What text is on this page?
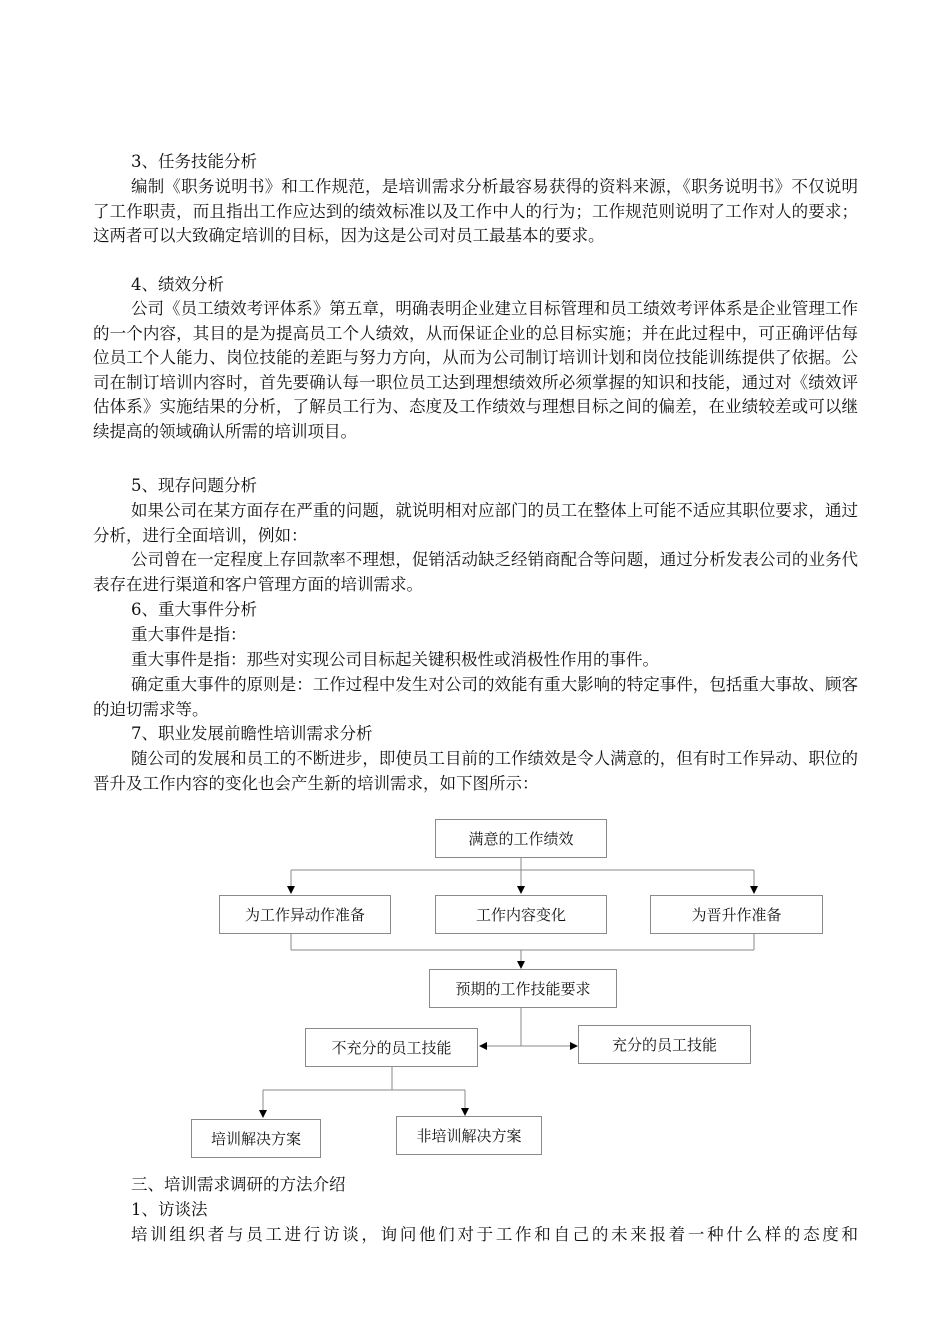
3、任务技能分析

编制《职务说明书》和工作规范，是培训需求分析最容易获得的资料来源，《职务说明书》不仅说明了工作职责，而且指出工作应达到的绩效标准以及工作中人的行为；工作规范则说明了工作对人的要求；这两者可以大致确定培训的目标，因为这是公司对员工最基本的要求。

4、绩效分析

公司《员工绩效考评体系》第五章，明确表明企业建立目标管理和员工绩效考评体系是企业管理工作的一个内容，其目的是为提高员工个人绩效，从而保证企业的总目标实施；并在此过程中，可正确评估每位员工个人能力、岗位技能的差距与努力方向，从而为公司制订培训计划和岗位技能训练提供了依据。公司在制订培训内容时，首先要确认每一职位员工达到理想绩效所必须掌握的知识和技能，通过对《绩效评估体系》实施结果的分析，了解员工行为、态度及工作绩效与理想目标之间的偏差，在业绩较差或可以继续提高的领域确认所需的培训项目。

5、现存问题分析

如果公司在某方面存在严重的问题，就说明相对应部门的员工在整体上可能不适应其职位要求，通过分析，进行全面培训，例如：

公司曾在一定程度上存回款率不理想，促销活动缺乏经销商配合等问题，通过分析发表公司的业务代表存在进行渠道和客户管理方面的培训需求。

6、重大事件分析

重大事件是指：

重大事件是指：那些对实现公司目标起关键积极性或消极性作用的事件。

确定重大事件的原则是：工作过程中发生对公司的效能有重大影响的特定事件，包括重大事故、顾客的迫切需求等。

7、职业发展前瞻性培训需求分析

随公司的发展和员工的不断进步，即使员工目前的工作绩效是令人满意的，但有时工作异动、职位的晋升及工作内容的变化也会产生新的培训需求，如下图所示：

满意的工作绩效
为工作异动作准备	工作内容变化	为晋升作准备
预期的工作技能要求
不充分的员工技能	充分的员工技能
培训解决方案	非培训解决方案

三、培训需求调研的方法介绍

1、访谈法

培训组织者与员工进行访谈，询问他们对于工作和自己的未来报着一种什么样的态度和
